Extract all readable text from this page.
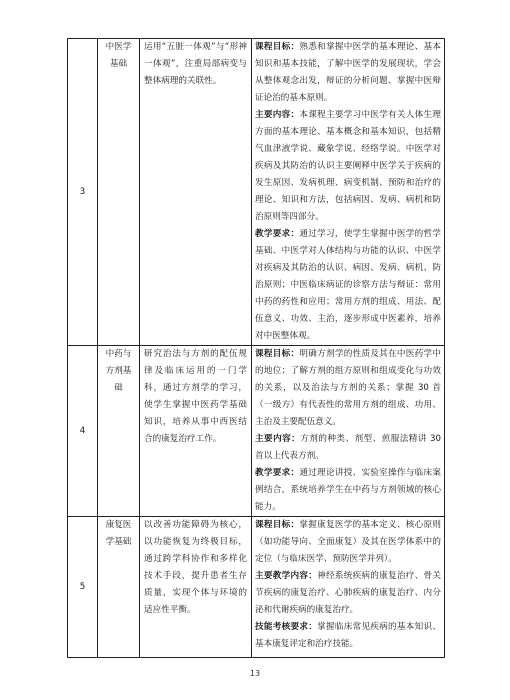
3	中医学基础	运用“五脏一体观”与“形神一体观”，注重局部病变与整体病理的关联性。	课程目标：熟悉和掌握中医学的基本理论、基本知识和基本技能，了解中医学的发展现状，学会从整体观念出发，辩证的分析问题、掌握中医辩证论治的基本原则。
主要内容：本课程主要学习中医学有关人体生理方面的基本理论、基本概念和基本知识，包括精气血津液学说、藏象学说、经络学说。中医学对疾病及其防治的认识主要阐释中医学关于疾病的发生原因、发病机理、病变机制、预防和治疗的理论、知识和方法，包括病因、发病、病机和防治原则等四部分。
教学要求：通过学习，使学生掌握中医学的哲学基础、中医学对人体结构与功能的认识、中医学对疾病及其防治的认识、病因、发病、病机、防治原则；中医临床病证的诊察方法与辩证：常用中药的药性和应用；常用方剂的组成、用法、配伍意义、功效、主治，逐步形成中医素养，培养对中医整体观。

4	中药与方剂基础	研究治法与方剂的配伍规律及临床运用的一门学科，通过方剂学的学习，使学生掌握中医药学基础知识，培养从事中西医结合的康复治疗工作。	课程目标：明确方剂学的性质及其在中医药学中的地位；了解方剂的组方原则和组成变化与功效的关系，以及治法与方剂的关系；掌握 30 首（一级方）有代表性的常用方剂的组成、功用、主治及主要配伍意义。
主要内容：方剂的种类、剂型、煎服法精讲 30 首以上代表方剂。
教学要求：通过理论讲授、实验室操作与临床案例结合，系统培养学生在中药与方剂领域的核心能力。

5	康复医学基础	以改善功能障碍为核心，以功能恢复为终极目标，通过跨学科协作和多样化技术手段，提升患者生存质量，实现个体与环境的适应性平衡。	课程目标：掌握康复医学的基本定义、核心原则（如功能导向、全面康复）及其在医学体系中的定位（与临床医学、预防医学并列）。
主要教学内容：神经系统疾病的康复治疗、骨关节疾病的康复治疗、心肺疾病的康复治疗、内分泌和代谢疾病的康复治疗。
技能考核要求：掌握临床常见疾病的基本知识、基本康复评定和治疗技能。
13
